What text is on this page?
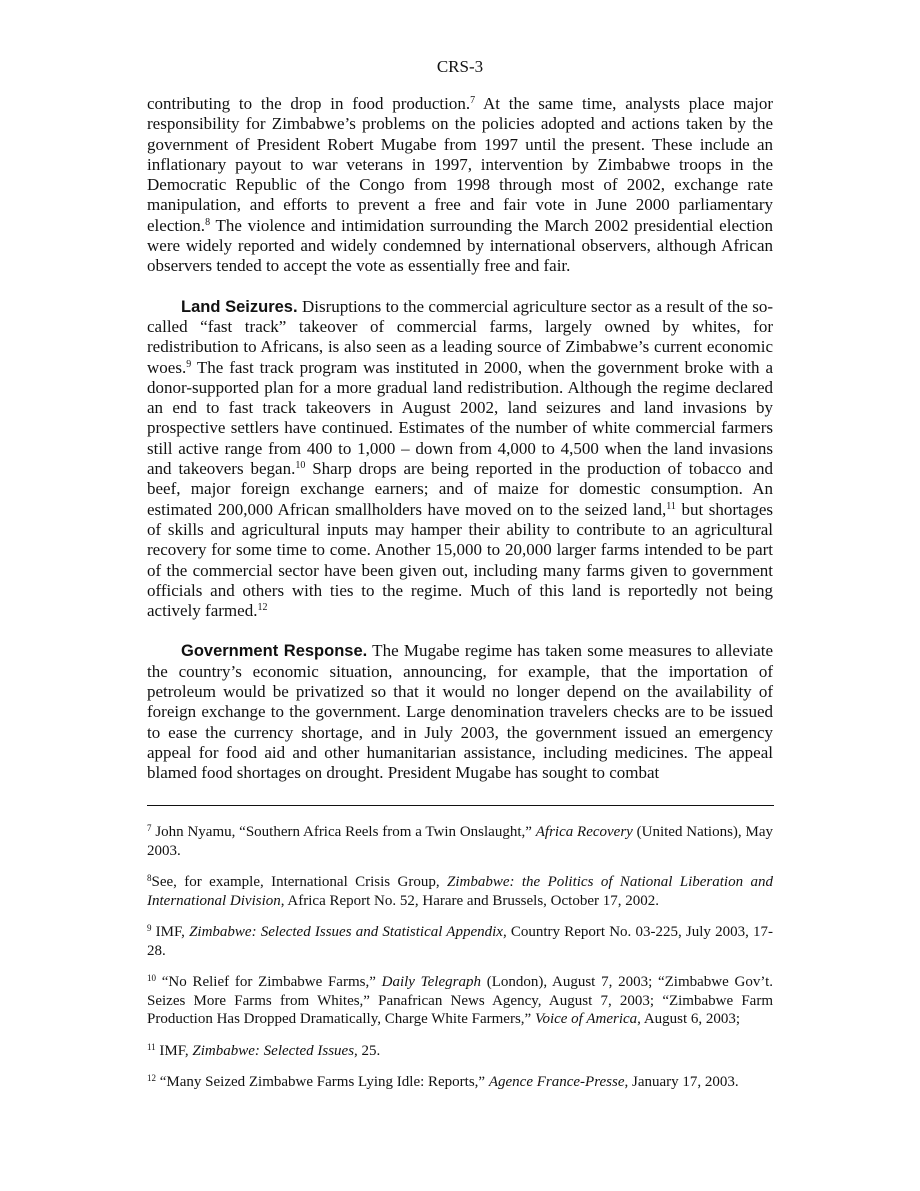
CRS-3

contributing to the drop in food production.$^7$ At the same time, analysts place major responsibility for Zimbabwe’s problems on the policies adopted and actions taken by the government of President Robert Mugabe from 1997 until the present. These include an inflationary payout to war veterans in 1997, intervention by Zimbabwe troops in the Democratic Republic of the Congo from 1998 through most of 2002, exchange rate manipulation, and efforts to prevent a free and fair vote in June 2000 parliamentary election.$^8$ The violence and intimidation surrounding the March 2002 presidential election were widely reported and widely condemned by international observers, although African observers tended to accept the vote as essentially free and fair.

Land Seizures. Disruptions to the commercial agriculture sector as a result of the so-called “fast track” takeover of commercial farms, largely owned by whites, for redistribution to Africans, is also seen as a leading source of Zimbabwe’s current economic woes.$^9$ The fast track program was instituted in 2000, when the government broke with a donor-supported plan for a more gradual land redistribution. Although the regime declared an end to fast track takeovers in August 2002, land seizures and land invasions by prospective settlers have continued. Estimates of the number of white commercial farmers still active range from 400 to 1,000 – down from 4,000 to 4,500 when the land invasions and takeovers began.$^{10}$ Sharp drops are being reported in the production of tobacco and beef, major foreign exchange earners; and of maize for domestic consumption. An estimated 200,000 African smallholders have moved on to the seized land,$^{11}$ but shortages of skills and agricultural inputs may hamper their ability to contribute to an agricultural recovery for some time to come. Another 15,000 to 20,000 larger farms intended to be part of the commercial sector have been given out, including many farms given to government officials and others with ties to the regime. Much of this land is reportedly not being actively farmed.$^{12}$

Government Response. The Mugabe regime has taken some measures to alleviate the country’s economic situation, announcing, for example, that the importation of petroleum would be privatized so that it would no longer depend on the availability of foreign exchange to the government. Large denomination travelers checks are to be issued to ease the currency shortage, and in July 2003, the government issued an emergency appeal for food aid and other humanitarian assistance, including medicines. The appeal blamed food shortages on drought. President Mugabe has sought to combat

$^7$ John Nyamu, “Southern Africa Reels from a Twin Onslaught,” Africa Recovery (United Nations), May 2003.
$^8$See, for example, International Crisis Group, Zimbabwe: the Politics of National Liberation and International Division, Africa Report No. 52, Harare and Brussels, October 17, 2002.
$^9$ IMF, Zimbabwe: Selected Issues and Statistical Appendix, Country Report No. 03-225, July 2003, 17-28.
$^{10}$ “No Relief for Zimbabwe Farms,” Daily Telegraph (London), August 7, 2003; “Zimbabwe Gov’t. Seizes More Farms from Whites,” Panafrican News Agency, August 7, 2003; “Zimbabwe Farm Production Has Dropped Dramatically, Charge White Farmers,” Voice of America, August 6, 2003;
$^{11}$ IMF, Zimbabwe: Selected Issues, 25.
$^{12}$ “Many Seized Zimbabwe Farms Lying Idle: Reports,” Agence France-Presse, January 17, 2003.
